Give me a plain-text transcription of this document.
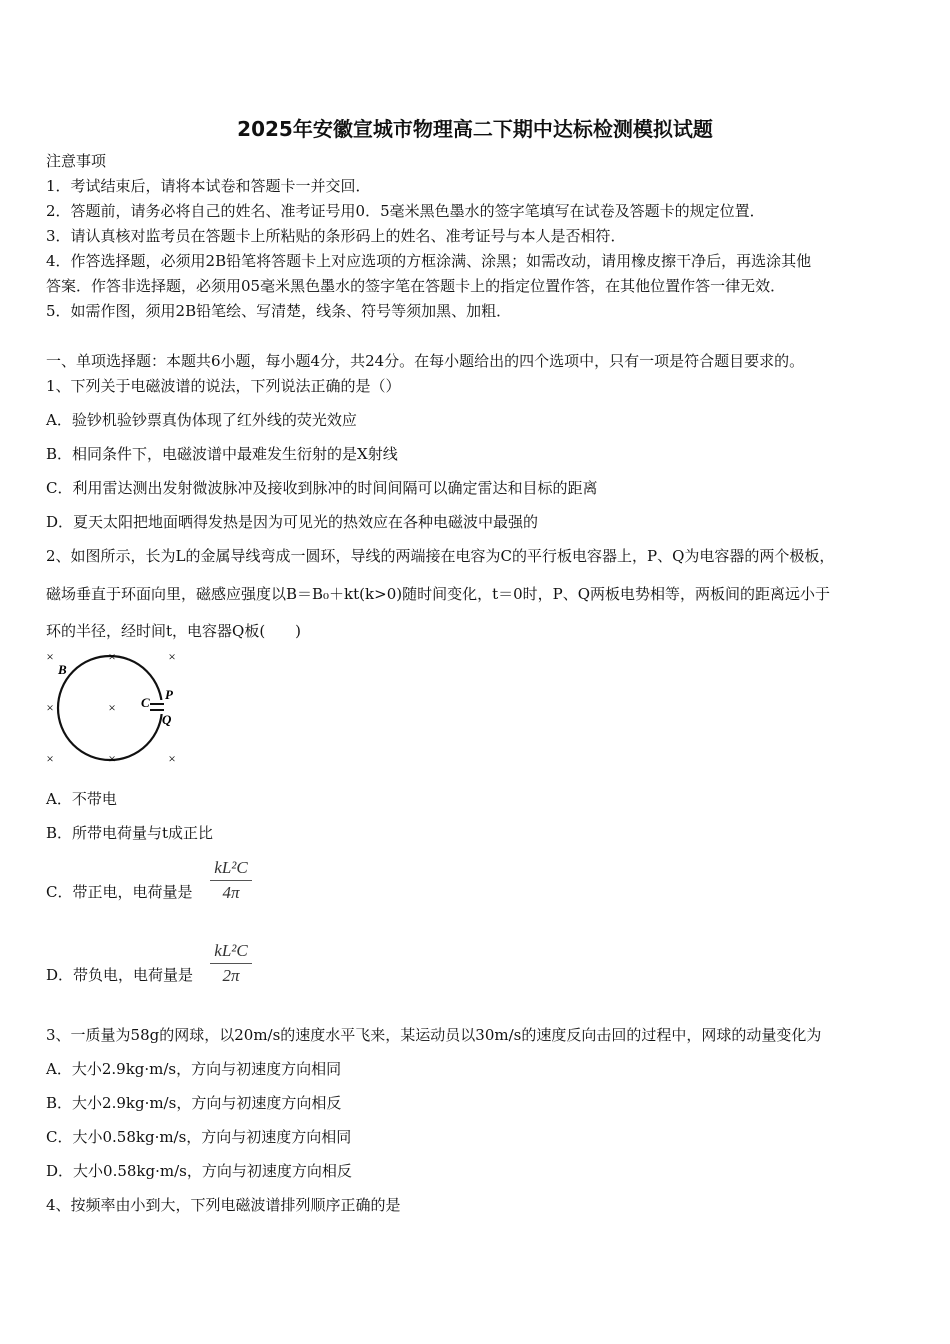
2025年安徽宣城市物理高二下期中达标检测模拟试题
注意事项
1．考试结束后，请将本试卷和答题卡一并交回．
2．答题前，请务必将自己的姓名、准考证号用0．5毫米黑色墨水的签字笔填写在试卷及答题卡的规定位置．
3．请认真核对监考员在答题卡上所粘贴的条形码上的姓名、准考证号与本人是否相符．
4．作答选择题，必须用2B铅笔将答题卡上对应选项的方框涂满、涂黑；如需改动，请用橡皮擦干净后，再选涂其他
答案．作答非选择题，必须用05毫米黑色墨水的签字笔在答题卡上的指定位置作答，在其他位置作答一律无效．
5．如需作图，须用2B铅笔绘、写清楚，线条、符号等须加黑、加粗．
一、单项选择题：本题共6小题，每小题4分，共24分。在每小题给出的四个选项中，只有一项是符合题目要求的。
1、下列关于电磁波谱的说法，下列说法正确的是（）
A．验钞机验钞票真伪体现了红外线的荧光效应
B．相同条件下，电磁波谱中最难发生衍射的是X射线
C．利用雷达测出发射微波脉冲及接收到脉冲的时间间隔可以确定雷达和目标的距离
D．夏天太阳把地面晒得发热是因为可见光的热效应在各种电磁波中最强的
2、如图所示，长为L的金属导线弯成一圆环，导线的两端接在电容为C的平行板电容器上，P、Q为电容器的两个极板，
磁场垂直于环面向里，磁感应强度以B＝B₀＋kt(k>0)随时间变化，t＝0时，P、Q两板电势相等，两板间的距离远小于
环的半径，经时间t，电容器Q板(　　)
×	×	×
×	×
×	×	×
B
C
P
Q
A．不带电
B．所带电荷量与t成正比
C．带正电，电荷量是
kL²C
4π
D．带负电，电荷量是
kL²C
2π
3、一质量为58g的网球，以20m/s的速度水平飞来，某运动员以30m/s的速度反向击回的过程中，网球的动量变化为
A．大小2.9kg·m/s，方向与初速度方向相同
B．大小2.9kg·m/s，方向与初速度方向相反
C．大小0.58kg·m/s，方向与初速度方向相同
D．大小0.58kg·m/s，方向与初速度方向相反
4、按频率由小到大，下列电磁波谱排列顺序正确的是
